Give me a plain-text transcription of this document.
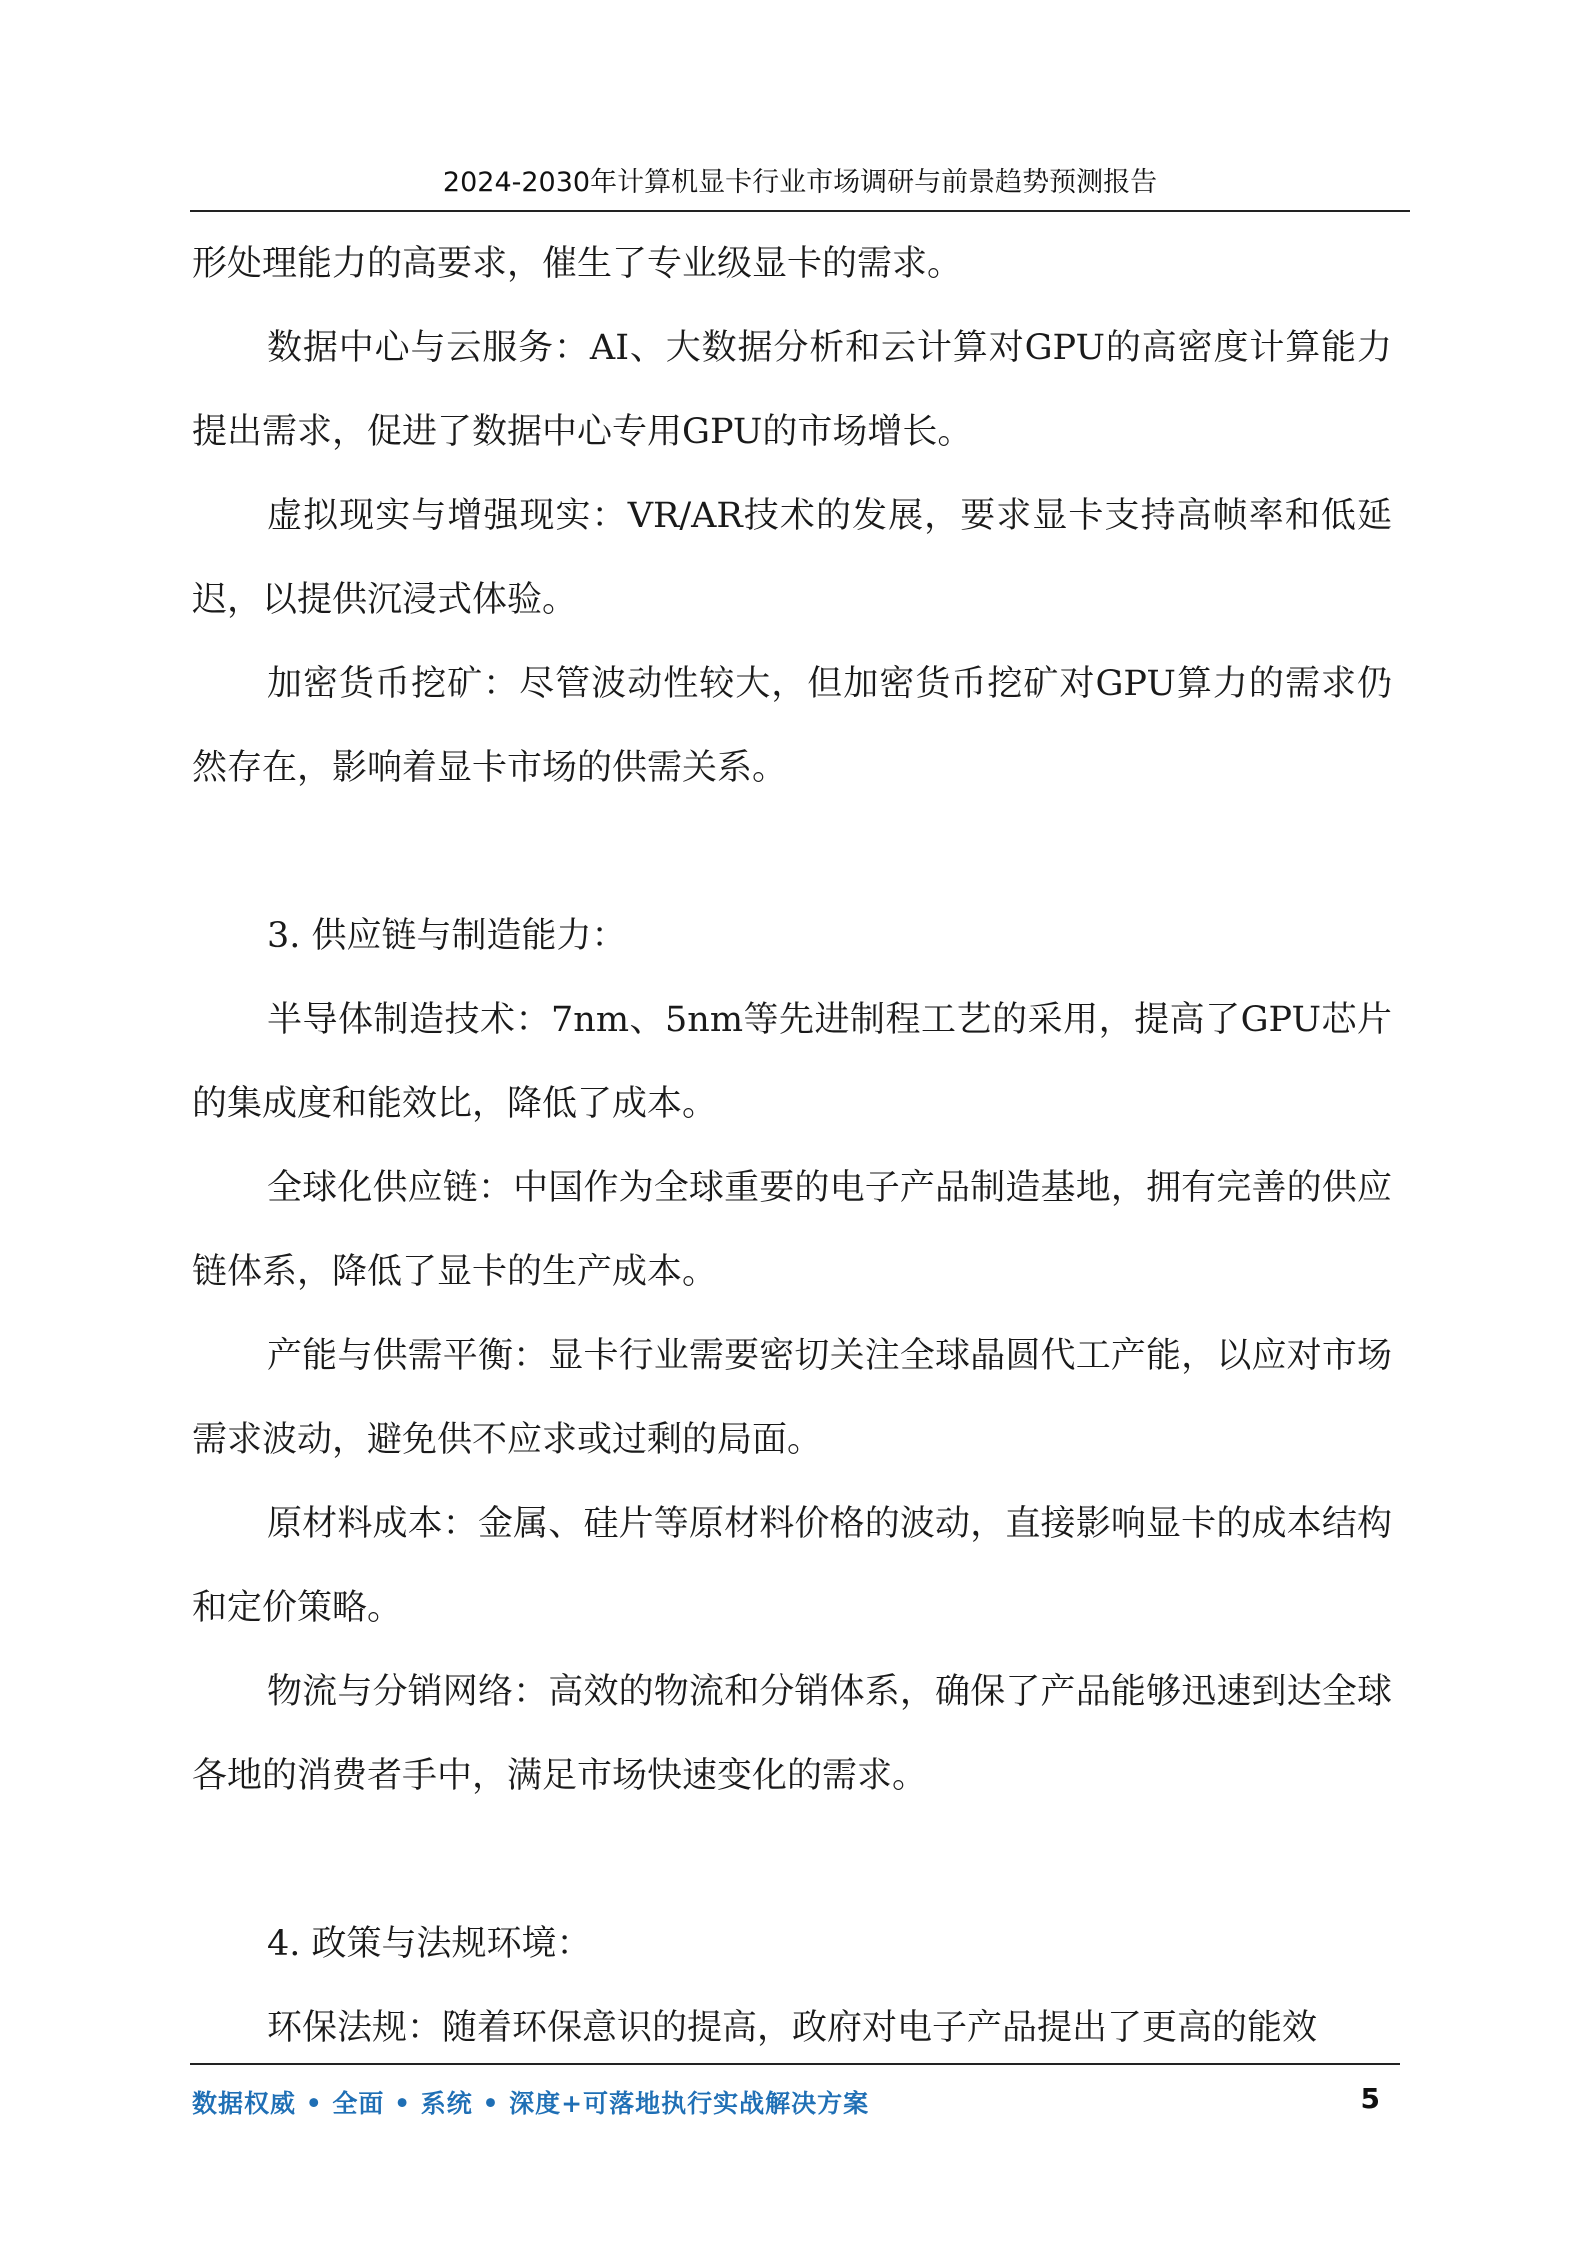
2024-2030年计算机显卡行业市场调研与前景趋势预测报告

形处理能力的高要求，催生了专业级显卡的需求。

数据中心与云服务：AI、大数据分析和云计算对GPU的高密度计算能力提出需求，促进了数据中心专用GPU的市场增长。

虚拟现实与增强现实：VR/AR技术的发展，要求显卡支持高帧率和低延迟，以提供沉浸式体验。

加密货币挖矿：尽管波动性较大，但加密货币挖矿对GPU算力的需求仍然存在，影响着显卡市场的供需关系。

3. 供应链与制造能力：

半导体制造技术：7nm、5nm等先进制程工艺的采用，提高了GPU芯片的集成度和能效比，降低了成本。

全球化供应链：中国作为全球重要的电子产品制造基地，拥有完善的供应链体系，降低了显卡的生产成本。

产能与供需平衡：显卡行业需要密切关注全球晶圆代工产能，以应对市场需求波动，避免供不应求或过剩的局面。

原材料成本：金属、硅片等原材料价格的波动，直接影响显卡的成本结构和定价策略。

物流与分销网络：高效的物流和分销体系，确保了产品能够迅速到达全球各地的消费者手中，满足市场快速变化的需求。

4. 政策与法规环境：

环保法规：随着环保意识的提高，政府对电子产品提出了更高的能效

数据权威 • 全面 • 系统 • 深度+可落地执行实战解决方案	5
